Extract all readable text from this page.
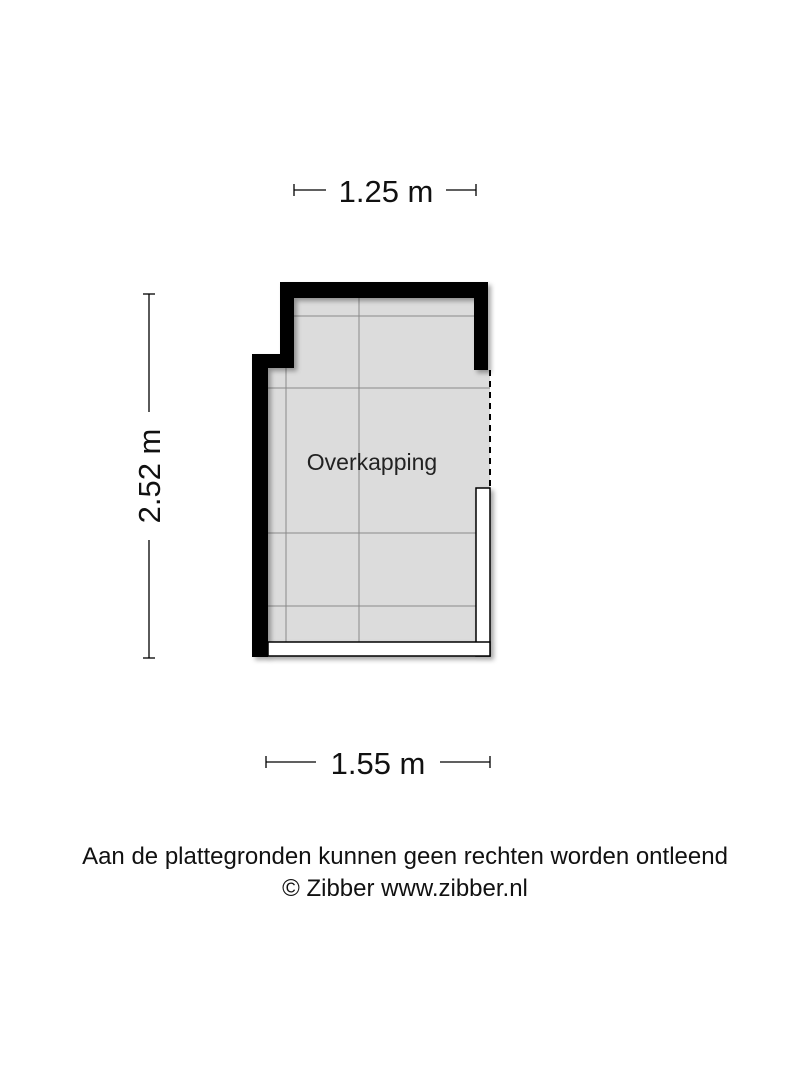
Overkapping
1.25 m
1.55 m
2.52 m
Aan de plattegronden kunnen geen rechten worden ontleend
© Zibber www.zibber.nl
